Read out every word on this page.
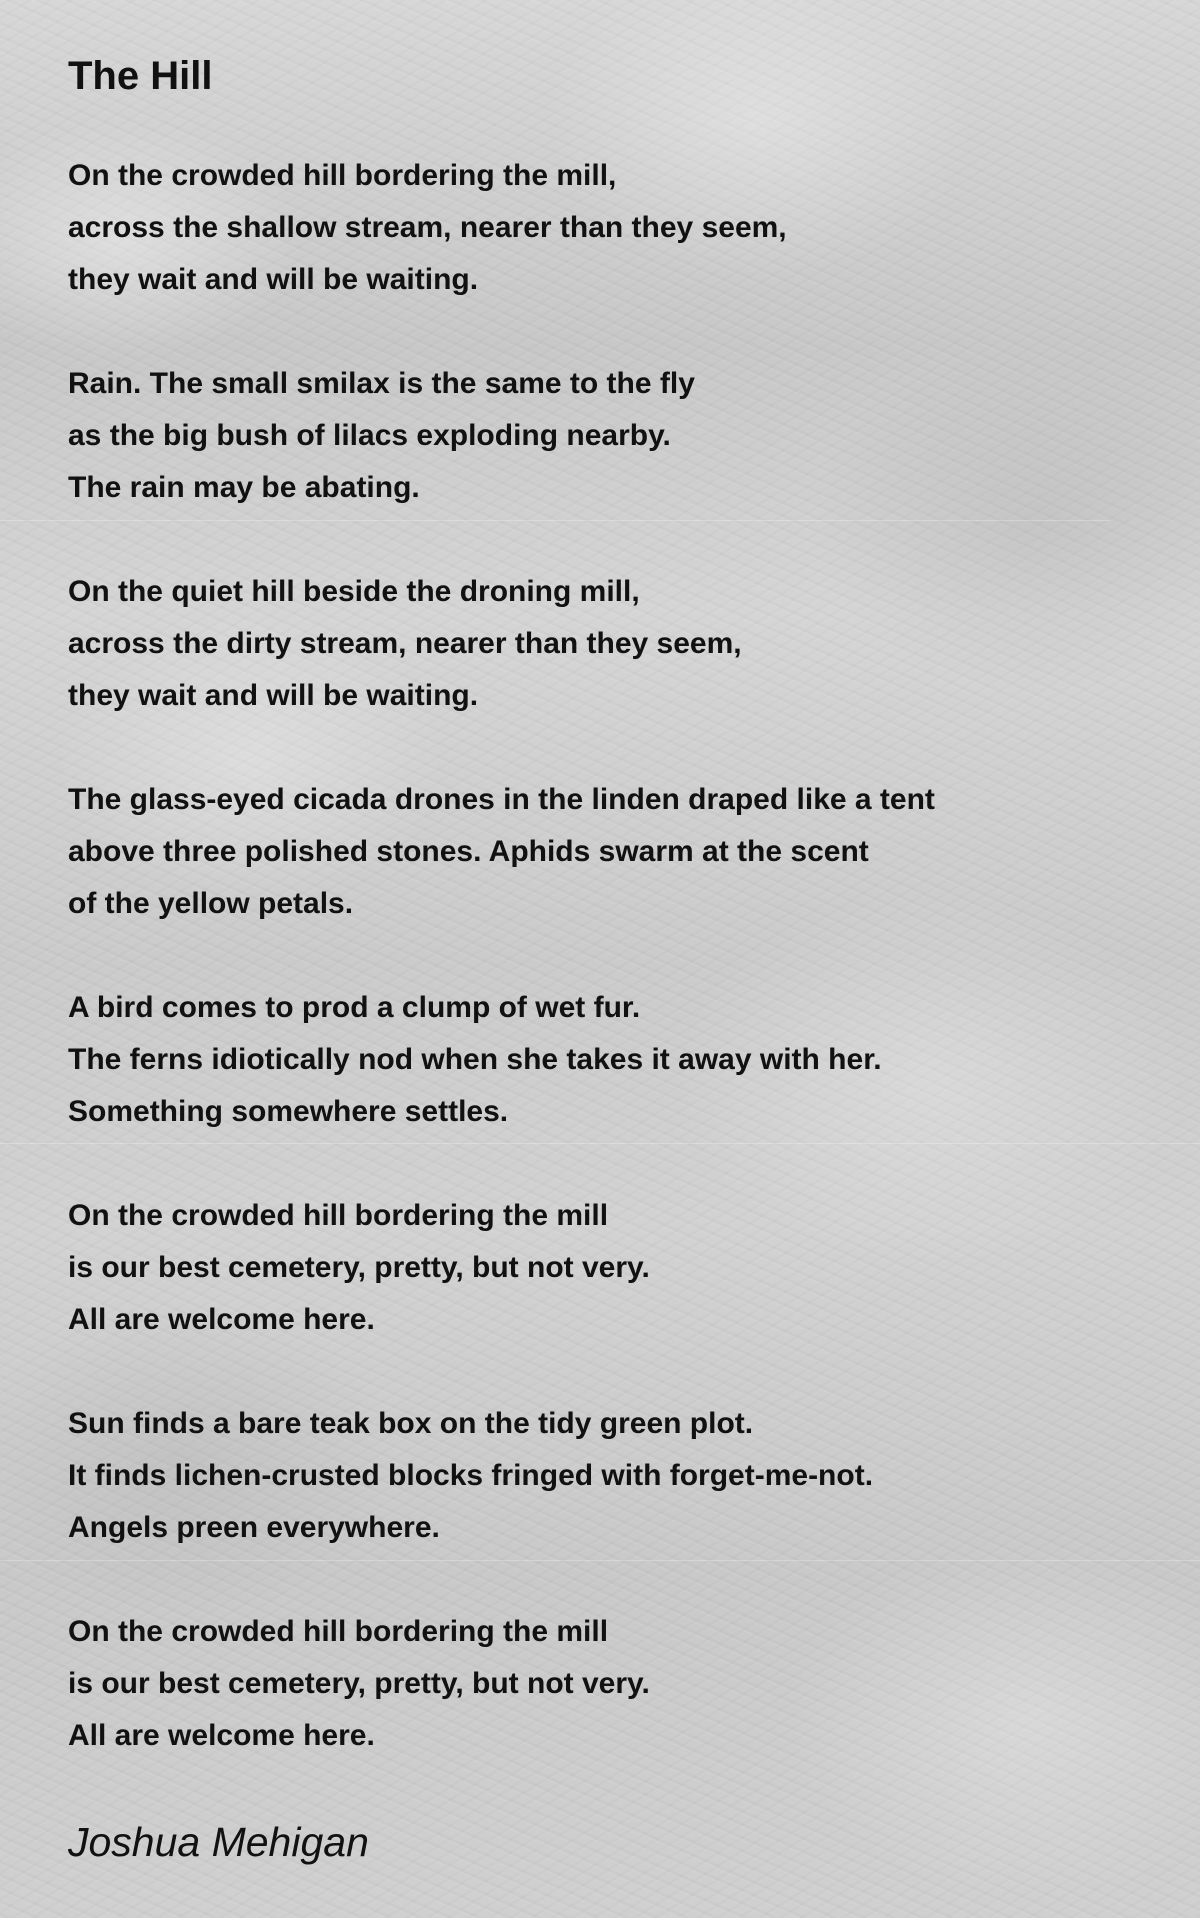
The Hill
On the crowded hill bordering the mill,
across the shallow stream, nearer than they seem,
they wait and will be waiting.
Rain. The small smilax is the same to the fly
as the big bush of lilacs exploding nearby.
The rain may be abating.
On the quiet hill beside the droning mill,
across the dirty stream, nearer than they seem,
they wait and will be waiting.
The glass-eyed cicada drones in the linden draped like a tent
above three polished stones. Aphids swarm at the scent
of the yellow petals.
A bird comes to prod a clump of wet fur.
The ferns idiotically nod when she takes it away with her.
Something somewhere settles.
On the crowded hill bordering the mill
is our best cemetery, pretty, but not very.
All are welcome here.
Sun finds a bare teak box on the tidy green plot.
It finds lichen-crusted blocks fringed with forget-me-not.
Angels preen everywhere.
On the crowded hill bordering the mill
is our best cemetery, pretty, but not very.
All are welcome here.

Joshua Mehigan
